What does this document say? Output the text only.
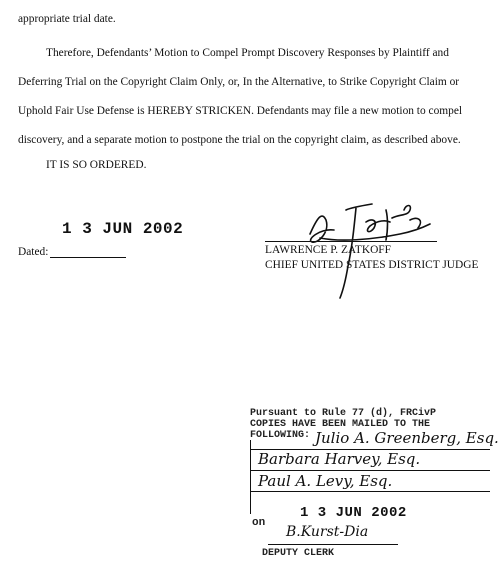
appropriate trial date.
Therefore, Defendants’ Motion to Compel Prompt Discovery Responses by Plaintiff and
Deferring Trial on the Copyright Claim Only, or, In the Alternative, to Strike Copyright Claim or
Uphold Fair Use Defense is HEREBY STRICKEN. Defendants may file a new motion to compel
discovery, and a separate motion to postpone the trial on the copyright claim, as described above.
IT IS SO ORDERED.
1 3 JUN 2002
Dated:	LAWRENCE P. ZATKOFF
CHIEF UNITED STATES DISTRICT JUDGE
Pursuant to Rule 77 (d), FRCivP
COPIES HAVE BEEN MAILED TO THE
FOLLOWING: Julio A. Greenberg, Esq.
Barbara Harvey, Esq.
Paul A. Levy, Esq.
on
1 3 JUN 2002
B.Kurst-Dia
DEPUTY CLERK
